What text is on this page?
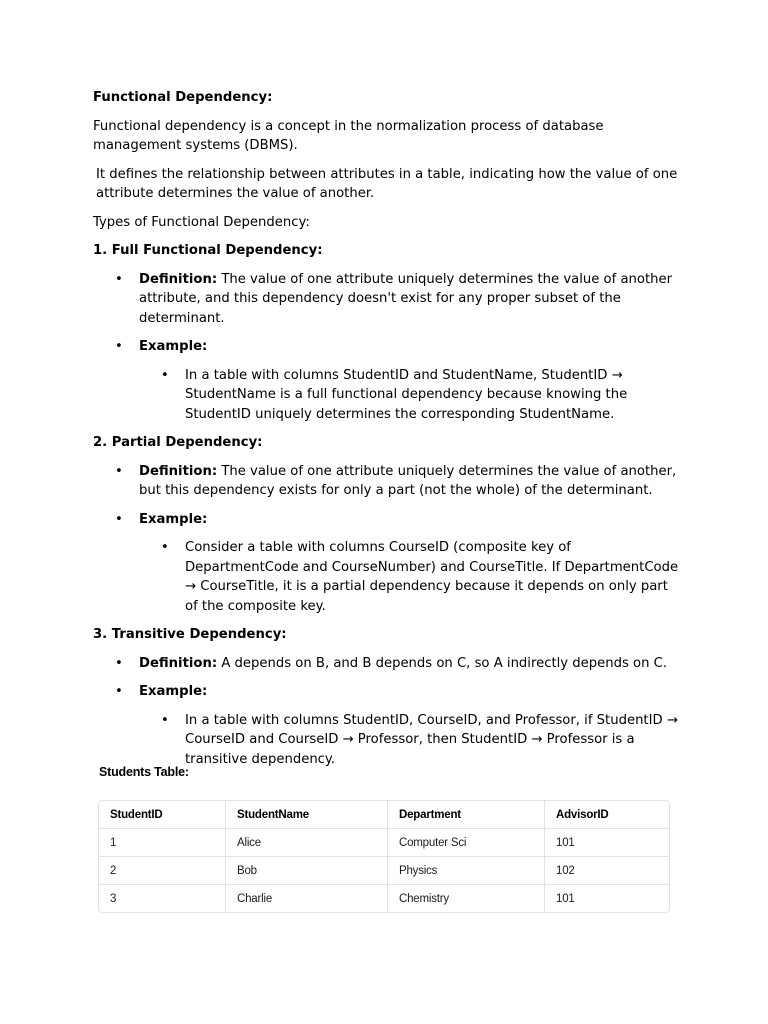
Functional Dependency:

Functional dependency is a concept in the normalization process of database management systems (DBMS).

It defines the relationship between attributes in a table, indicating how the value of one attribute determines the value of another.

Types of Functional Dependency:

1. Full Functional Dependency:

• Definition: The value of one attribute uniquely determines the value of another attribute, and this dependency doesn't exist for any proper subset of the determinant.

• Example:

• In a table with columns StudentID and StudentName, StudentID → StudentName is a full functional dependency because knowing the StudentID uniquely determines the corresponding StudentName.

2. Partial Dependency:

• Definition: The value of one attribute uniquely determines the value of another, but this dependency exists for only a part (not the whole) of the determinant.

• Example:

• Consider a table with columns CourseID (composite key of DepartmentCode and CourseNumber) and CourseTitle. If DepartmentCode → CourseTitle, it is a partial dependency because it depends on only part of the composite key.

3. Transitive Dependency:

• Definition: A depends on B, and B depends on C, so A indirectly depends on C.

• Example:

• In a table with columns StudentID, CourseID, and Professor, if StudentID → CourseID and CourseID → Professor, then StudentID → Professor is a transitive dependency.

Students Table:
StudentID	StudentName	Department	AdvisorID
1	Alice	Computer Sci	101
2	Bob	Physics	102
3	Charlie	Chemistry	101
